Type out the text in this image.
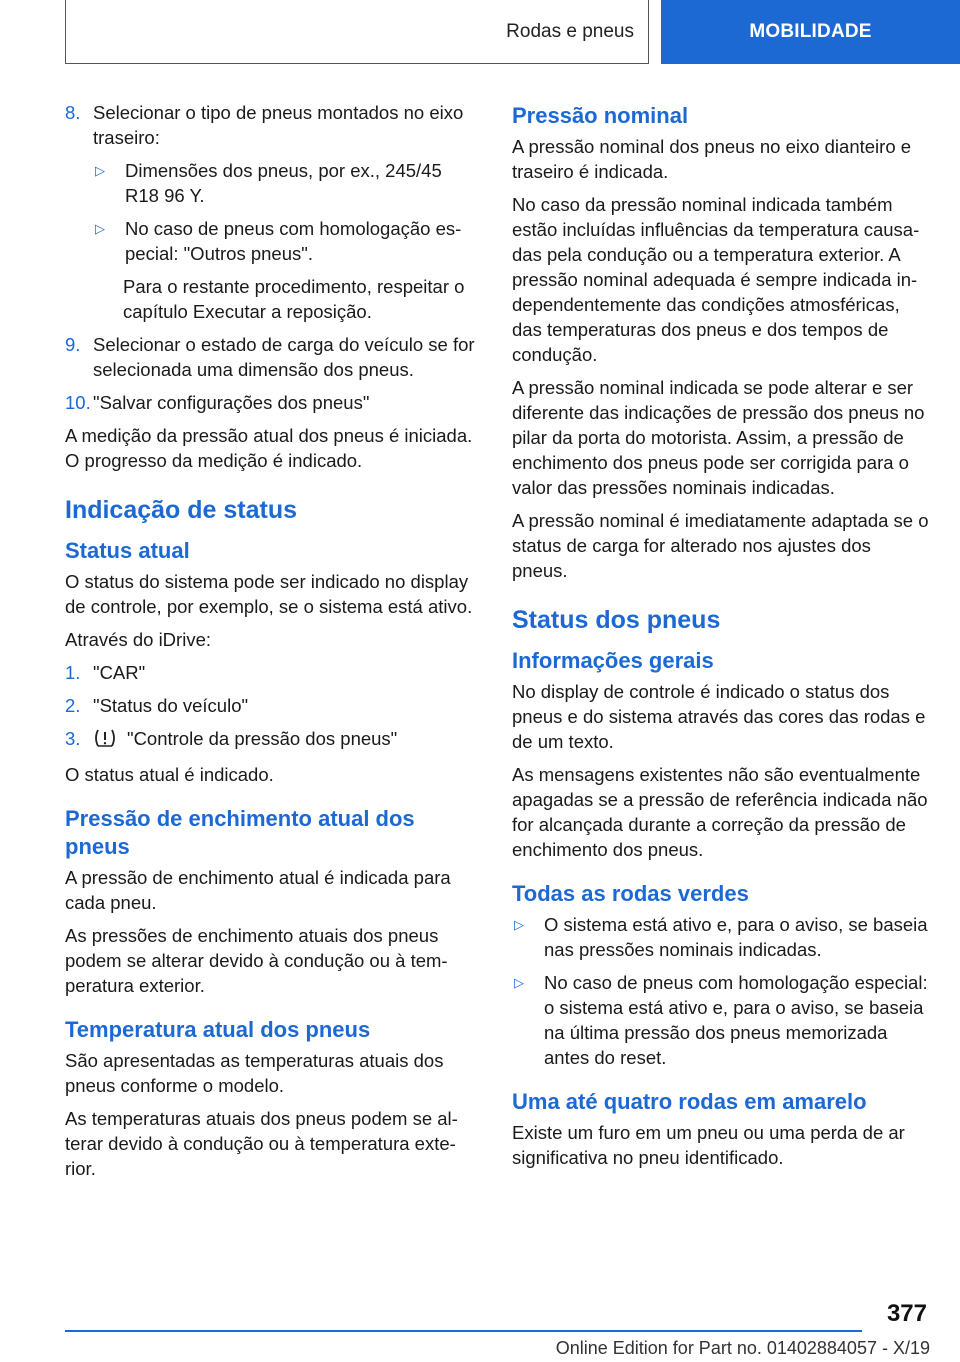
Rodas e pneus	MOBILIDADE
8. Selecionar o tipo de pneus montados no eixo traseiro:
▷	Dimensões dos pneus, por ex., 245/45 R18 96 Y.
▷	No caso de pneus com homologação especial: "Outros pneus".

Para o restante procedimento, respeitar o capítulo Executar a reposição.

9. Selecionar o estado de carga do veículo se for selecionada uma dimensão dos pneus.
10. "Salvar configurações dos pneus"

A medição da pressão atual dos pneus é iniciada. O progresso da medição é indicado.

Indicação de status
Status atual

O status do sistema pode ser indicado no display de controle, por exemplo, se o sistema está ativo.

Através do iDrive:

1. "CAR"
2. "Status do veículo"
3.	"Controle da pressão dos pneus"

O status atual é indicado.

Pressão de enchimento atual dos pneus

A pressão de enchimento atual é indicada para cada pneu.

As pressões de enchimento atuais dos pneus podem se alterar devido à condução ou à temperatura exterior.

Temperatura atual dos pneus

São apresentadas as temperaturas atuais dos pneus conforme o modelo.

As temperaturas atuais dos pneus podem se alterar devido à condução ou à temperatura exterior.

Pressão nominal

A pressão nominal dos pneus no eixo dianteiro e traseiro é indicada.

No caso da pressão nominal indicada também estão incluídas influências da temperatura causadas pela condução ou a temperatura exterior. A pressão nominal adequada é sempre indicada independentemente das condições atmosféricas, das temperaturas dos pneus e dos tempos de condução.

A pressão nominal indicada se pode alterar e ser diferente das indicações de pressão dos pneus no pilar da porta do motorista. Assim, a pressão de enchimento dos pneus pode ser corrigida para o valor das pressões nominais indicadas.

A pressão nominal é imediatamente adaptada se o status de carga for alterado nos ajustes dos pneus.

Status dos pneus
Informações gerais

No display de controle é indicado o status dos pneus e do sistema através das cores das rodas e de um texto.

As mensagens existentes não são eventualmente apagadas se a pressão de referência indicada não for alcançada durante a correção da pressão de enchimento dos pneus.

Todas as rodas verdes
▷	O sistema está ativo e, para o aviso, se baseia nas pressões nominais indicadas.
▷	No caso de pneus com homologação especial: o sistema está ativo e, para o aviso, se baseia na última pressão dos pneus memorizada antes do reset.
Uma até quatro rodas em amarelo

Existe um furo em um pneu ou uma perda de ar significativa no pneu identificado.

377
Online Edition for Part no. 01402884057 - X/19
